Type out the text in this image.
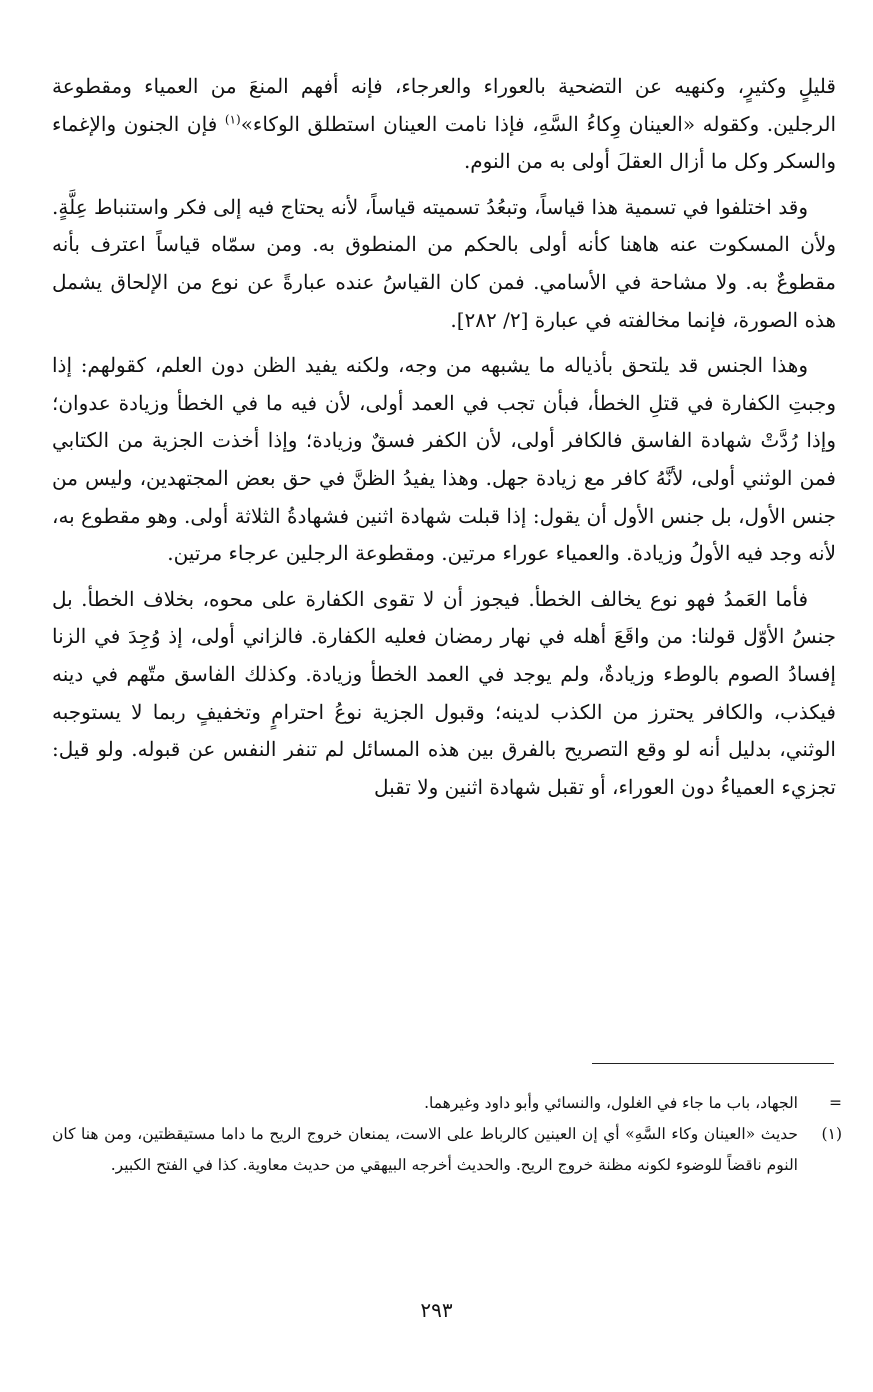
قليلٍ وكثيرٍ، وكنهيه عن التضحية بالعوراء والعرجاء، فإنه أفهم المنعَ من العمياء ومقطوعة الرجلين. وكقوله «العينان وِكاءُ السَّهِ، فإذا نامت العينان استطلق الوكاء»$^{(١)}$ فإن الجنون والإغماء والسكر وكل ما أزال العقلَ أولى به من النوم.

وقد اختلفوا في تسمية هذا قياساً، وتبعُدُ تسميته قياساً، لأنه يحتاج فيه إلى فكر واستنباط عِلَّةٍ. ولأن المسكوت عنه هاهنا كأنه أولى بالحكم من المنطوق به. ومن سمّاه قياساً اعترف بأنه مقطوعٌ به. ولا مشاحة في الأسامي. فمن كان القياسُ عنده عبارةً عن نوع من الإلحاق يشمل هذه الصورة، فإنما مخالفته في عبارة [٢/ ٢٨٢].

وهذا الجنس قد يلتحق بأذياله ما يشبهه من وجه، ولكنه يفيد الظن دون العلم، كقولهم: إذا وجبتِ الكفارة في قتلِ الخطأ، فبأن تجب في العمد أولى، لأن فيه ما في الخطأ وزيادة عدوان؛ وإذا رُدَّتْ شهادة الفاسق فالكافر أولى، لأن الكفر فسقٌ وزيادة؛ وإذا أخذت الجزية من الكتابي فمن الوثني أولى، لأنَّهُ كافر مع زيادة جهل. وهذا يفيدُ الظنَّ في حق بعض المجتهدين، وليس من جنس الأول، بل جنس الأول أن يقول: إذا قبلت شهادة اثنين فشهادةُ الثلاثة أولى. وهو مقطوع به، لأنه وجد فيه الأولُ وزيادة. والعمياء عوراء مرتين. ومقطوعة الرجلين عرجاء مرتين.

فأما العَمدُ فهو نوع يخالف الخطأ. فيجوز أن لا تقوى الكفارة على محوه، بخلاف الخطأ. بل جنسُ الأوّل قولنا: من واقَعَ أهله في نهار رمضان فعليه الكفارة. فالزاني أولى، إذ وُجِدَ في الزنا إفسادُ الصوم بالوطء وزيادةٌ، ولم يوجد في العمد الخطأ وزيادة. وكذلك الفاسق متّهم في دينه فيكذب، والكافر يحترز من الكذب لدينه؛ وقبول الجزية نوعُ احترامٍ وتخفيفٍ ربما لا يستوجبه الوثني، بدليل أنه لو وقع التصريح بالفرق بين هذه المسائل لم تنفر النفس عن قبوله. ولو قيل: تجزيء العمياءُ دون العوراء، أو تقبل شهادة اثنين ولا تقبل

=
الجهاد، باب ما جاء في الغلول، والنسائي وأبو داود وغيرهما.
(١)
حديث «العينان وكاء السَّهِ» أي إن العينين كالرباط على الاست، يمنعان خروج الريح ما داما مستيقظتين، ومن هنا كان النوم ناقضاً للوضوء لكونه مظنة خروج الريح. والحديث أخرجه البيهقي من حديث معاوية. كذا في الفتح الكبير.
٢٩٣
